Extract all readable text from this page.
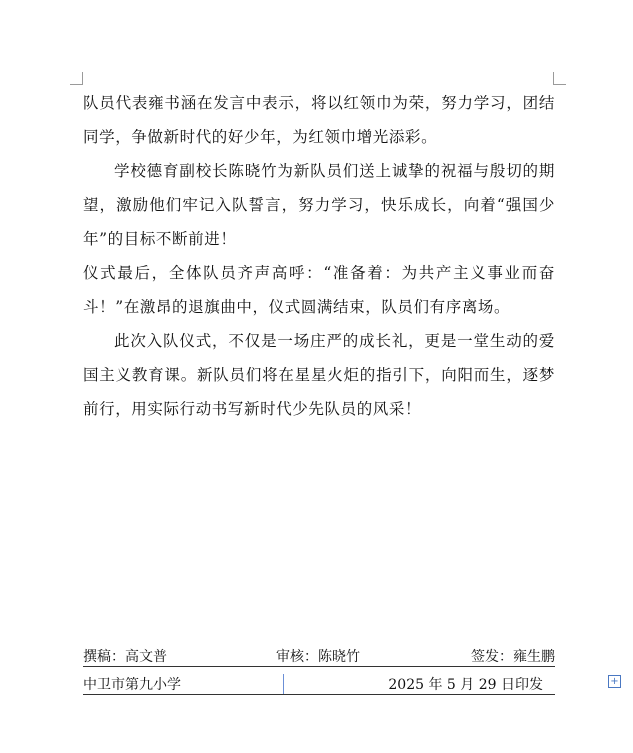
队员代表雍书涵在发言中表示，将以红领巾为荣，努力学习，团结同学，争做新时代的好少年，为红领巾增光添彩。

学校德育副校长陈晓竹为新队员们送上诚挚的祝福与殷切的期望，激励他们牢记入队誓言，努力学习，快乐成长，向着“强国少年”的目标不断前进！

仪式最后，全体队员齐声高呼：“准备着：为共产主义事业而奋斗！”在激昂的退旗曲中，仪式圆满结束，队员们有序离场。

此次入队仪式，不仅是一场庄严的成长礼，更是一堂生动的爱国主义教育课。新队员们将在星星火炬的指引下，向阳而生，逐梦前行，用实际行动书写新时代少先队员的风采！

撰稿：高文普	审核：陈晓竹	签发：雍生鹏
中卫市第九小学	2025 年 5 月 29 日印发	+
